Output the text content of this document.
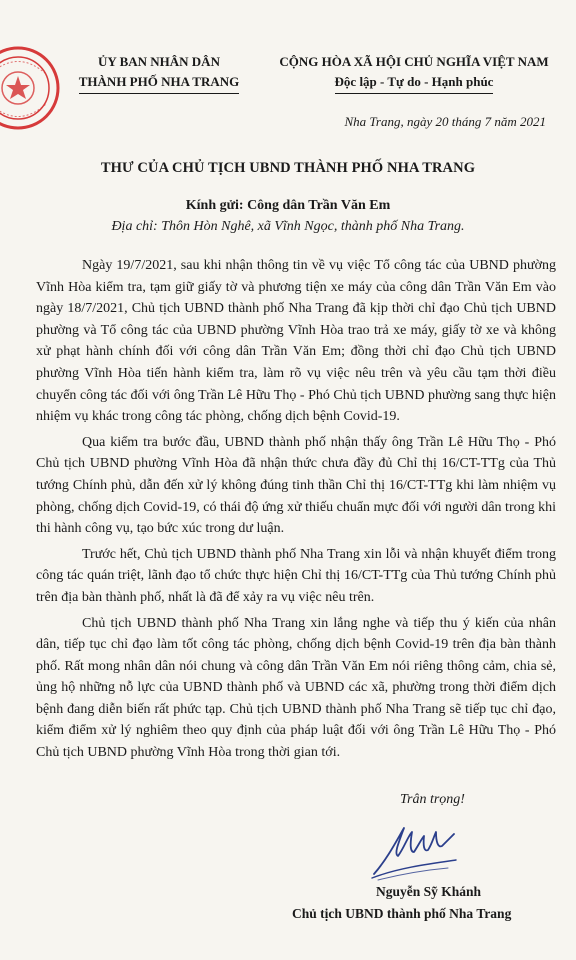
ỦY BAN NHÂN DÂN
THÀNH PHỐ NHA TRANG
CỘNG HÒA XÃ HỘI CHỦ NGHĨA VIỆT NAM
Độc lập - Tự do - Hạnh phúc
Nha Trang, ngày 20 tháng 7 năm 2021
THƯ CỦA CHỦ TỊCH UBND THÀNH PHỐ NHA TRANG
Kính gửi: Công dân Trần Văn Em
Địa chỉ: Thôn Hòn Nghê, xã Vĩnh Ngọc, thành phố Nha Trang.

Ngày 19/7/2021, sau khi nhận thông tin về vụ việc Tổ công tác của UBND phường Vĩnh Hòa kiểm tra, tạm giữ giấy tờ và phương tiện xe máy của công dân Trần Văn Em vào ngày 18/7/2021, Chủ tịch UBND thành phố Nha Trang đã kịp thời chỉ đạo Chủ tịch UBND phường và Tổ công tác của UBND phường Vĩnh Hòa trao trả xe máy, giấy tờ xe và không xử phạt hành chính đối với công dân Trần Văn Em; đồng thời chỉ đạo Chủ tịch UBND phường Vĩnh Hòa tiến hành kiểm tra, làm rõ vụ việc nêu trên và yêu cầu tạm thời điều chuyển công tác đối với ông Trần Lê Hữu Thọ - Phó Chủ tịch UBND phường sang thực hiện nhiệm vụ khác trong công tác phòng, chống dịch bệnh Covid-19.

Qua kiểm tra bước đầu, UBND thành phố nhận thấy ông Trần Lê Hữu Thọ - Phó Chủ tịch UBND phường Vĩnh Hòa đã nhận thức chưa đầy đủ Chỉ thị 16/CT-TTg của Thủ tướng Chính phủ, dẫn đến xử lý không đúng tinh thần Chỉ thị 16/CT-TTg khi làm nhiệm vụ phòng, chống dịch Covid-19, có thái độ ứng xử thiếu chuẩn mực đối với người dân trong khi thi hành công vụ, tạo bức xúc trong dư luận.

Trước hết, Chủ tịch UBND thành phố Nha Trang xin lỗi và nhận khuyết điểm trong công tác quán triệt, lãnh đạo tổ chức thực hiện Chỉ thị 16/CT-TTg của Thủ tướng Chính phủ trên địa bàn thành phố, nhất là đã để xảy ra vụ việc nêu trên.

Chủ tịch UBND thành phố Nha Trang xin lắng nghe và tiếp thu ý kiến của nhân dân, tiếp tục chỉ đạo làm tốt công tác phòng, chống dịch bệnh Covid-19 trên địa bàn thành phố. Rất mong nhân dân nói chung và công dân Trần Văn Em nói riêng thông cảm, chia sẻ, ủng hộ những nỗ lực của UBND thành phố và UBND các xã, phường trong thời điểm dịch bệnh đang diễn biến rất phức tạp. Chủ tịch UBND thành phố Nha Trang sẽ tiếp tục chỉ đạo, kiểm điểm xử lý nghiêm theo quy định của pháp luật đối với ông Trần Lê Hữu Thọ - Phó Chủ tịch UBND phường Vĩnh Hòa trong thời gian tới.

Trân trọng!
Nguyễn Sỹ Khánh
Chủ tịch UBND thành phố Nha Trang
